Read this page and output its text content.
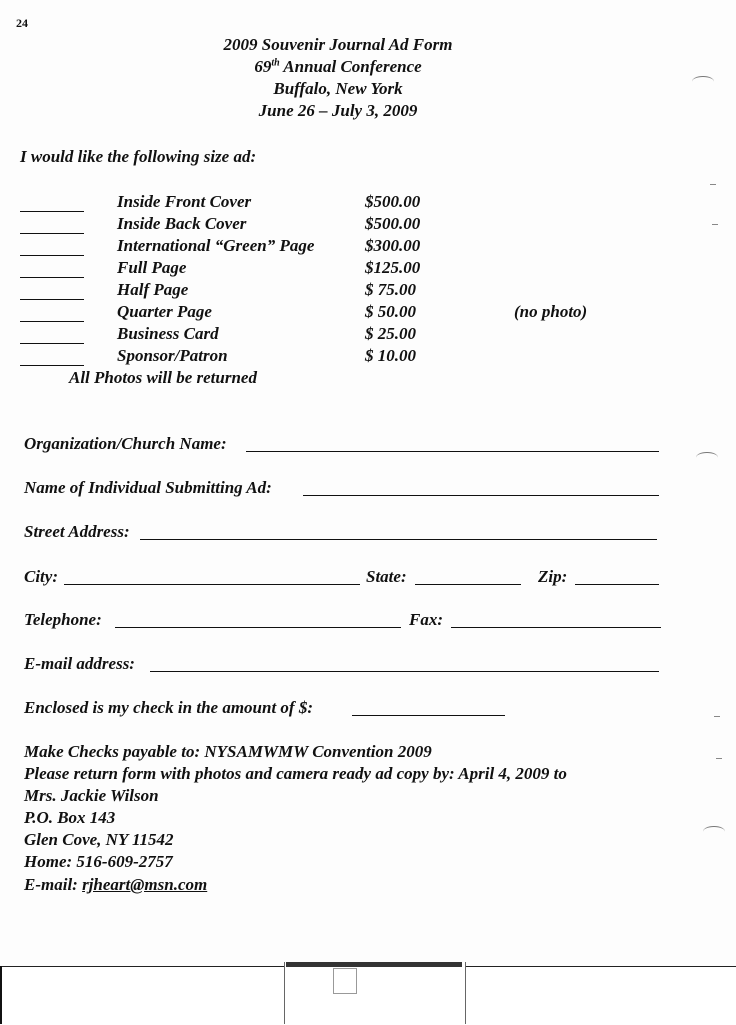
24
2009 Souvenir Journal Ad Form
69th Annual Conference
Buffalo, New York
June 26 – July 3, 2009
I would like the following size ad:
Inside Front Cover	$500.00
Inside Back Cover	$500.00
International “Green” Page	$300.00
Full Page	$125.00
Half Page	$ 75.00
Quarter Page	$ 50.00	(no photo)
Business Card	$ 25.00
Sponsor/Patron	$ 10.00
All Photos will be returned
Organization/Church Name:
Name of Individual Submitting Ad:
Street Address:
City:	State:	Zip:
Telephone:	Fax:
E-mail address:
Enclosed is my check in the amount of $:
Make Checks payable to: NYSAMWMW Convention 2009
Please return form with photos and camera ready ad copy by: April 4, 2009 to
Mrs. Jackie Wilson
P.O. Box 143
Glen Cove, NY 11542
Home: 516-609-2757
E-mail: rjheart@msn.com
